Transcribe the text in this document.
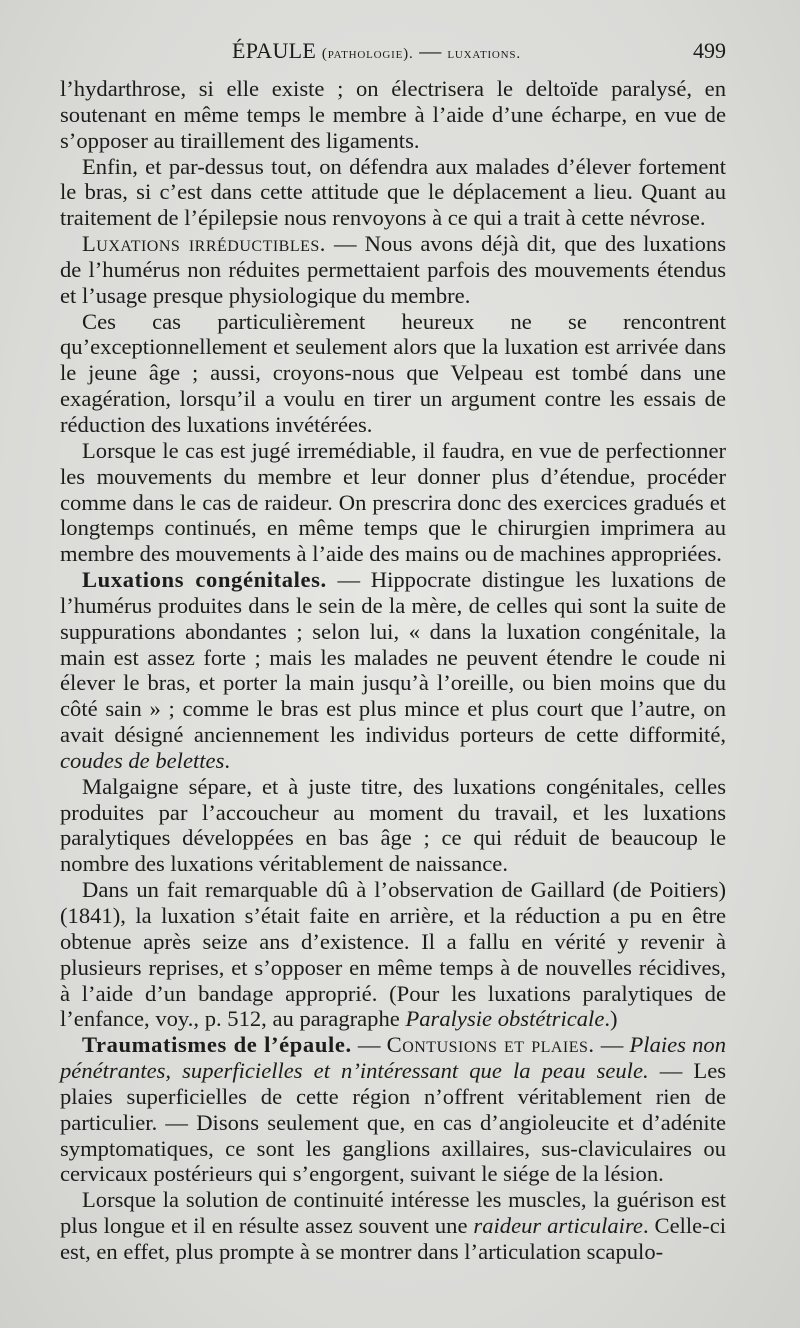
ÉPAULE (pathologie). — luxations.	499

l’hydarthrose, si elle existe ; on électrisera le deltoïde paralysé, en soutenant en même temps le membre à l’aide d’une écharpe, en vue de s’opposer au tiraillement des ligaments.

Enfin, et par-dessus tout, on défendra aux malades d’élever fortement le bras, si c’est dans cette attitude que le déplacement a lieu. Quant au traitement de l’épilepsie nous renvoyons à ce qui a trait à cette névrose.

Luxations irréductibles. — Nous avons déjà dit, que des luxations de l’humérus non réduites permettaient parfois des mouvements étendus et l’usage presque physiologique du membre.

Ces cas particulièrement heureux ne se rencontrent qu’exceptionnellement et seulement alors que la luxation est arrivée dans le jeune âge ; aussi, croyons-nous que Velpeau est tombé dans une exagération, lorsqu’il a voulu en tirer un argument contre les essais de réduction des luxations invétérées.

Lorsque le cas est jugé irremédiable, il faudra, en vue de perfectionner les mouvements du membre et leur donner plus d’étendue, procéder comme dans le cas de raideur. On prescrira donc des exercices gradués et longtemps continués, en même temps que le chirurgien imprimera au membre des mouvements à l’aide des mains ou de machines appropriées.

Luxations congénitales. — Hippocrate distingue les luxations de l’humérus produites dans le sein de la mère, de celles qui sont la suite de suppurations abondantes ; selon lui, « dans la luxation congénitale, la main est assez forte ; mais les malades ne peuvent étendre le coude ni élever le bras, et porter la main jusqu’à l’oreille, ou bien moins que du côté sain » ; comme le bras est plus mince et plus court que l’autre, on avait désigné anciennement les individus porteurs de cette difformité, coudes de belettes.

Malgaigne sépare, et à juste titre, des luxations congénitales, celles produites par l’accoucheur au moment du travail, et les luxations paralytiques développées en bas âge ; ce qui réduit de beaucoup le nombre des luxations véritablement de naissance.

Dans un fait remarquable dû à l’observation de Gaillard (de Poitiers) (1841), la luxation s’était faite en arrière, et la réduction a pu en être obtenue après seize ans d’existence. Il a fallu en vérité y revenir à plusieurs reprises, et s’opposer en même temps à de nouvelles récidives, à l’aide d’un bandage approprié. (Pour les luxations paralytiques de l’enfance, voy., p. 512, au paragraphe Paralysie obstétricale.)

Traumatismes de l’épaule. — Contusions et plaies. — Plaies non pénétrantes, superficielles et n’intéressant que la peau seule. — Les plaies superficielles de cette région n’offrent véritablement rien de particulier. — Disons seulement que, en cas d’angioleucite et d’adénite symptomatiques, ce sont les ganglions axillaires, sus-claviculaires ou cervicaux postérieurs qui s’engorgent, suivant le siége de la lésion.

Lorsque la solution de continuité intéresse les muscles, la guérison est plus longue et il en résulte assez souvent une raideur articulaire. Celle-ci est, en effet, plus prompte à se montrer dans l’articulation scapulo-
